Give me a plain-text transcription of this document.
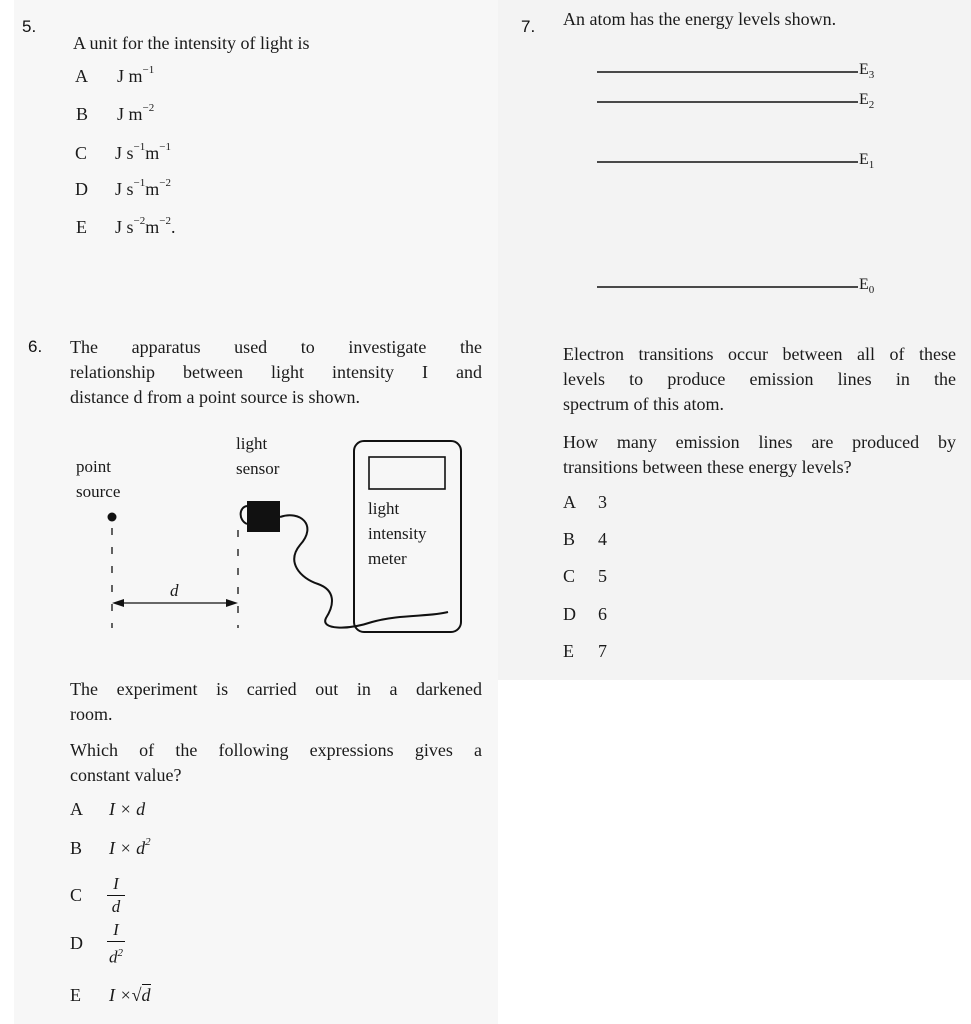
5.
A unit for the intensity of light is
A J $m^{-1}$
B J $m^{-2}$
C J $s^{-1}m^{-1}$
D J $s^{-1}m^{-2}$
E J $s^{-2}m^{-2}$.
6. The apparatus used to investigate the
relationship between light intensity I and
distance d from a point source is shown.
point
source
light
sensor
light
intensity
meter
d
The experiment is carried out in a darkened
room.
Which of the following expressions gives a
constant value?
A I × d
B $I \times d^2$
C
I
d
D
I
$d^2$
E I ×√d
7. An atom has the energy levels shown.
$E_3$
$E_2$
$E_1$
$E_0$
Electron transitions occur between all of these
levels to produce emission lines in the
spectrum of this atom.
How many emission lines are produced by
transitions between these energy levels?
A 3
B 4
C 5
D 6
E 7
